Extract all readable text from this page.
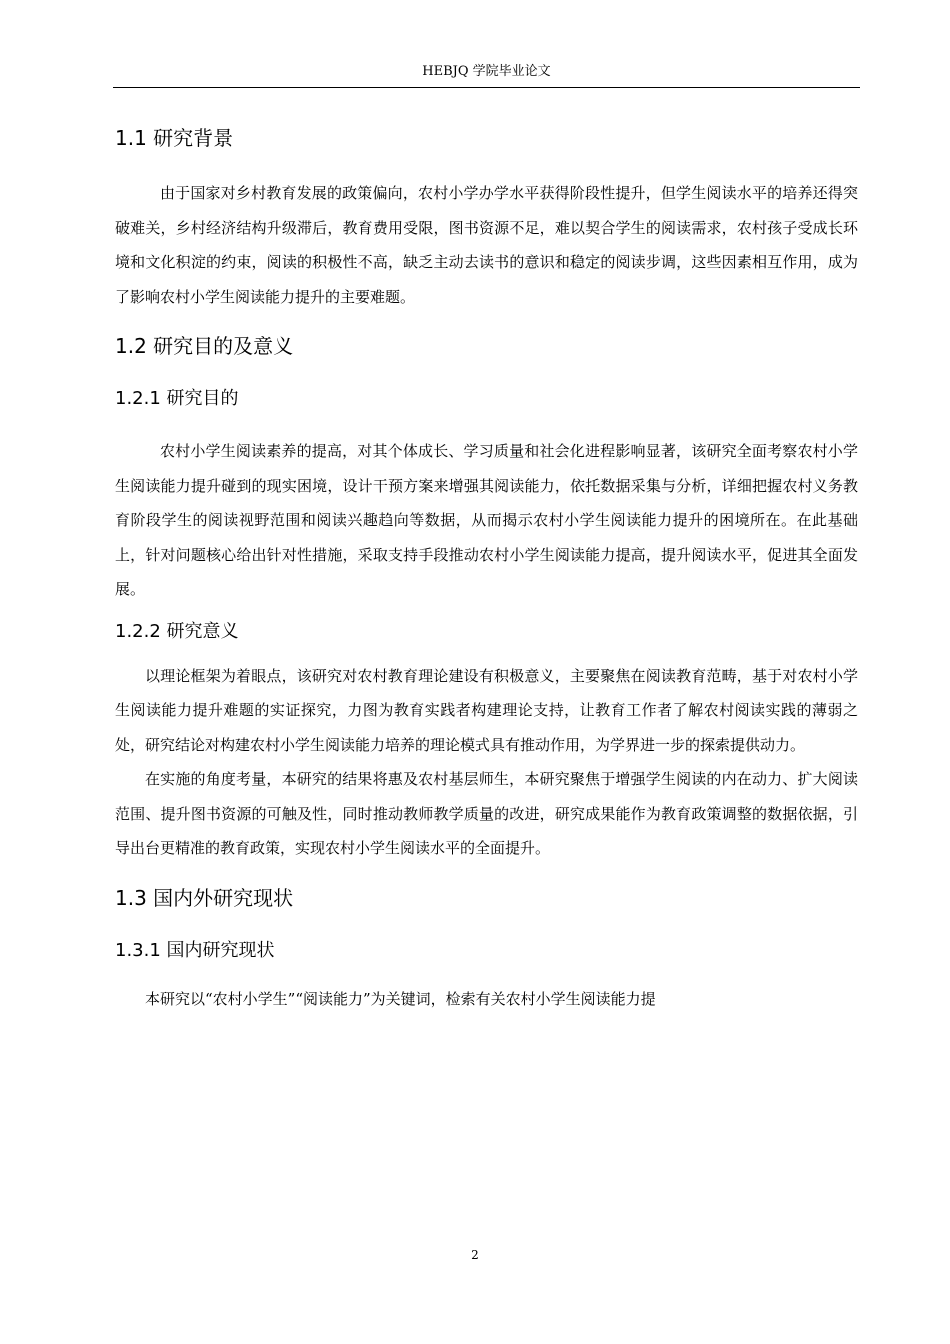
HEBJQ 学院毕业论文
1.1 研究背景

由于国家对乡村教育发展的政策偏向，农村小学办学水平获得阶段性提升，但学生阅读水平的培养还得突破难关，乡村经济结构升级滞后，教育费用受限，图书资源不足，难以契合学生的阅读需求，农村孩子受成长环境和文化积淀的约束，阅读的积极性不高，缺乏主动去读书的意识和稳定的阅读步调，这些因素相互作用，成为了影响农村小学生阅读能力提升的主要难题。

1.2 研究目的及意义
1.2.1 研究目的

农村小学生阅读素养的提高，对其个体成长、学习质量和社会化进程影响显著，该研究全面考察农村小学生阅读能力提升碰到的现实困境，设计干预方案来增强其阅读能力，依托数据采集与分析，详细把握农村义务教育阶段学生的阅读视野范围和阅读兴趣趋向等数据，从而揭示农村小学生阅读能力提升的困境所在。在此基础上，针对问题核心给出针对性措施，采取支持手段推动农村小学生阅读能力提高，提升阅读水平，促进其全面发展。

1.2.2 研究意义

以理论框架为着眼点，该研究对农村教育理论建设有积极意义，主要聚焦在阅读教育范畴，基于对农村小学生阅读能力提升难题的实证探究，力图为教育实践者构建理论支持，让教育工作者了解农村阅读实践的薄弱之处，研究结论对构建农村小学生阅读能力培养的理论模式具有推动作用，为学界进一步的探索提供动力。

在实施的角度考量，本研究的结果将惠及农村基层师生，本研究聚焦于增强学生阅读的内在动力、扩大阅读范围、提升图书资源的可触及性，同时推动教师教学质量的改进，研究成果能作为教育政策调整的数据依据，引导出台更精准的教育政策，实现农村小学生阅读水平的全面提升。

1.3 国内外研究现状
1.3.1 国内研究现状

本研究以“农村小学生”“阅读能力”为关键词，检索有关农村小学生阅读能力提

2
